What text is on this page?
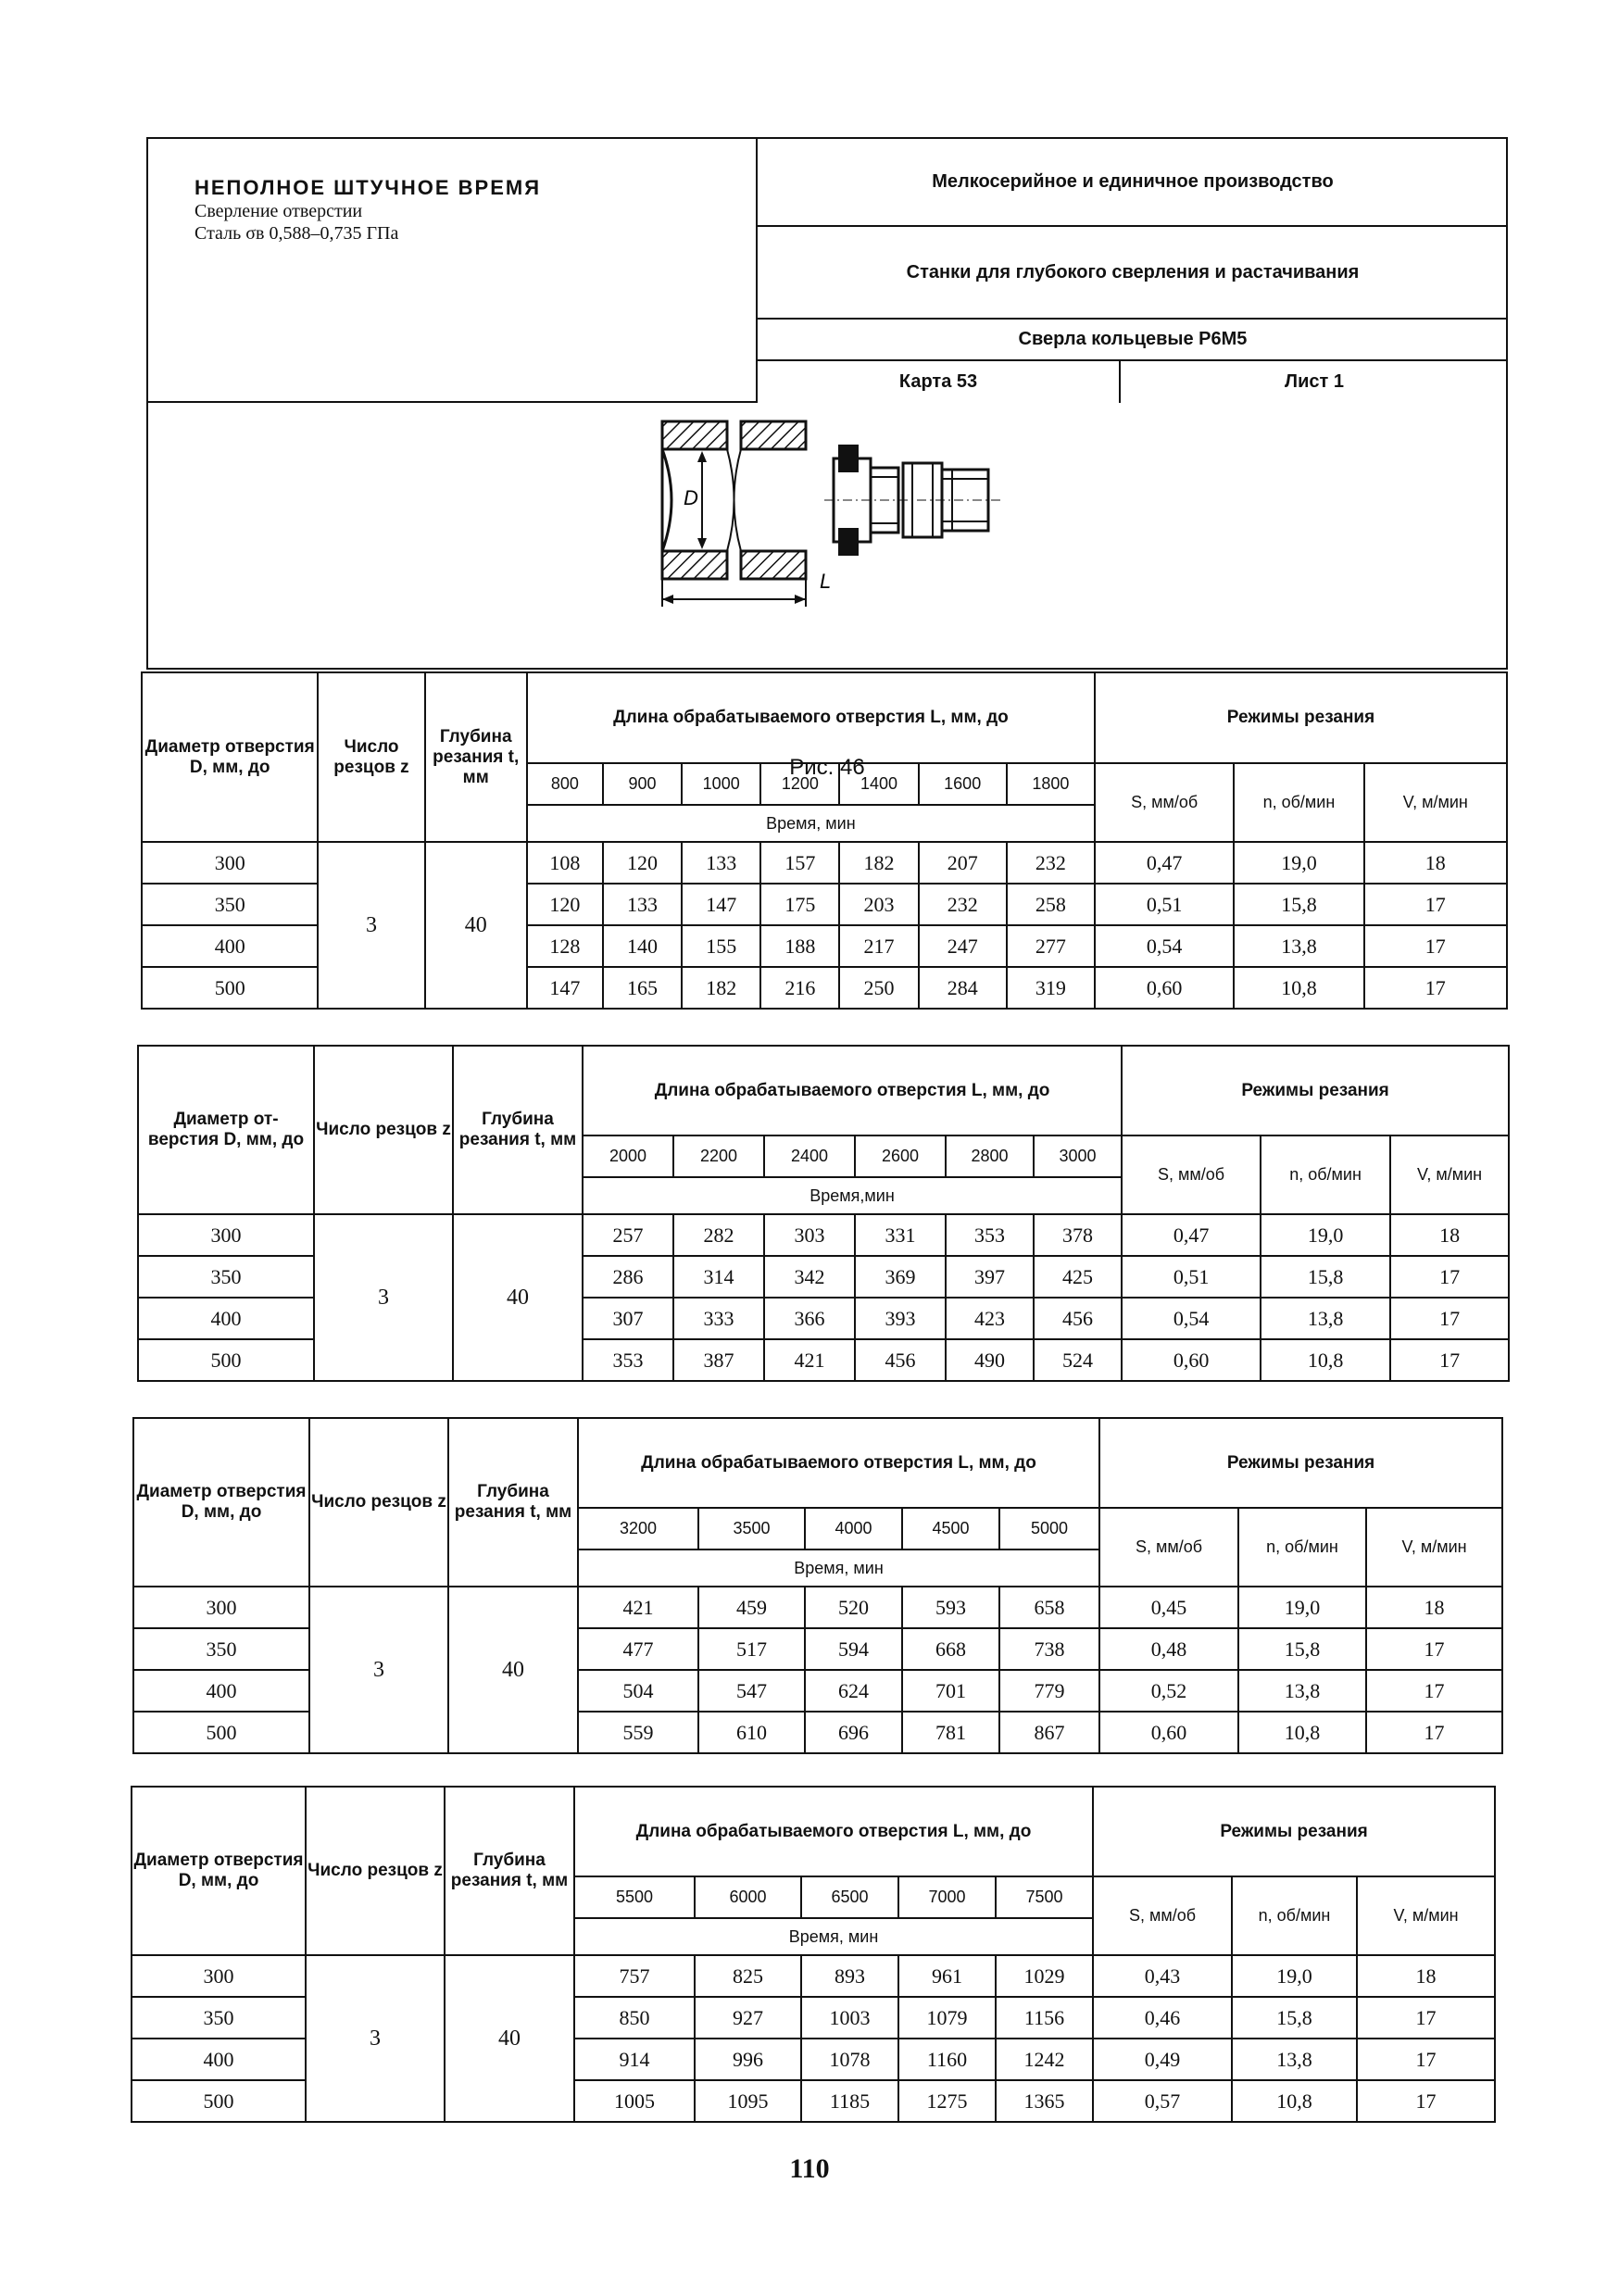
НЕПОЛНОЕ ШТУЧНОЕ ВРЕМЯ
Сверление отверстии
Сталь σв 0,588–0,735 ГПа
Мелкосерийное и единичное производство
Станки для глубокого сверления и растачивания
Сверла кольцевые Р6М5
Карта 53	Лист 1
D
L
Рис. 46
Диаметр отверстия D, мм, до	Число резцов z	Глубина резания t, мм	Длина обрабатываемого отверстия L, мм, до							Режимы резания		
			800	900	1000	1200	1400	1600	1800	S, мм/об	n, об/мин	V, м/мин
			Время, мин									
300	3	40	108	120	133	157	182	207	232	0,47	19,0	18
350			120	133	147	175	203	232	258	0,51	15,8	17
400			128	140	155	188	217	247	277	0,54	13,8	17
500			147	165	182	216	250	284	319	0,60	10,8	17
Диаметр от-верстия D, мм, до	Число резцов z	Глубина резания t, мм	Длина обрабатываемого отверстия L, мм, до						Режимы резания		
			2000	2200	2400	2600	2800	3000	S, мм/об	n, об/мин	V, м/мин
			Время,мин								
300	3	40	257	282	303	331	353	378	0,47	19,0	18
350			286	314	342	369	397	425	0,51	15,8	17
400			307	333	366	393	423	456	0,54	13,8	17
500			353	387	421	456	490	524	0,60	10,8	17
Диаметр отверстия D, мм, до	Число резцов z	Глубина резания t, мм	Длина обрабатываемого отверстия L, мм, до					Режимы резания		
			3200	3500	4000	4500	5000	S, мм/об	n, об/мин	V, м/мин
			Время, мин							
300	3	40	421	459	520	593	658	0,45	19,0	18
350			477	517	594	668	738	0,48	15,8	17
400			504	547	624	701	779	0,52	13,8	17
500			559	610	696	781	867	0,60	10,8	17
Диаметр отверстия D, мм, до	Число резцов z	Глубина резания t, мм	Длина обрабатываемого отверстия L, мм, до					Режимы резания		
			5500	6000	6500	7000	7500	S, мм/об	n, об/мин	V, м/мин
			Время, мин							
300	3	40	757	825	893	961	1029	0,43	19,0	18
350			850	927	1003	1079	1156	0,46	15,8	17
400			914	996	1078	1160	1242	0,49	13,8	17
500			1005	1095	1185	1275	1365	0,57	10,8	17
110
